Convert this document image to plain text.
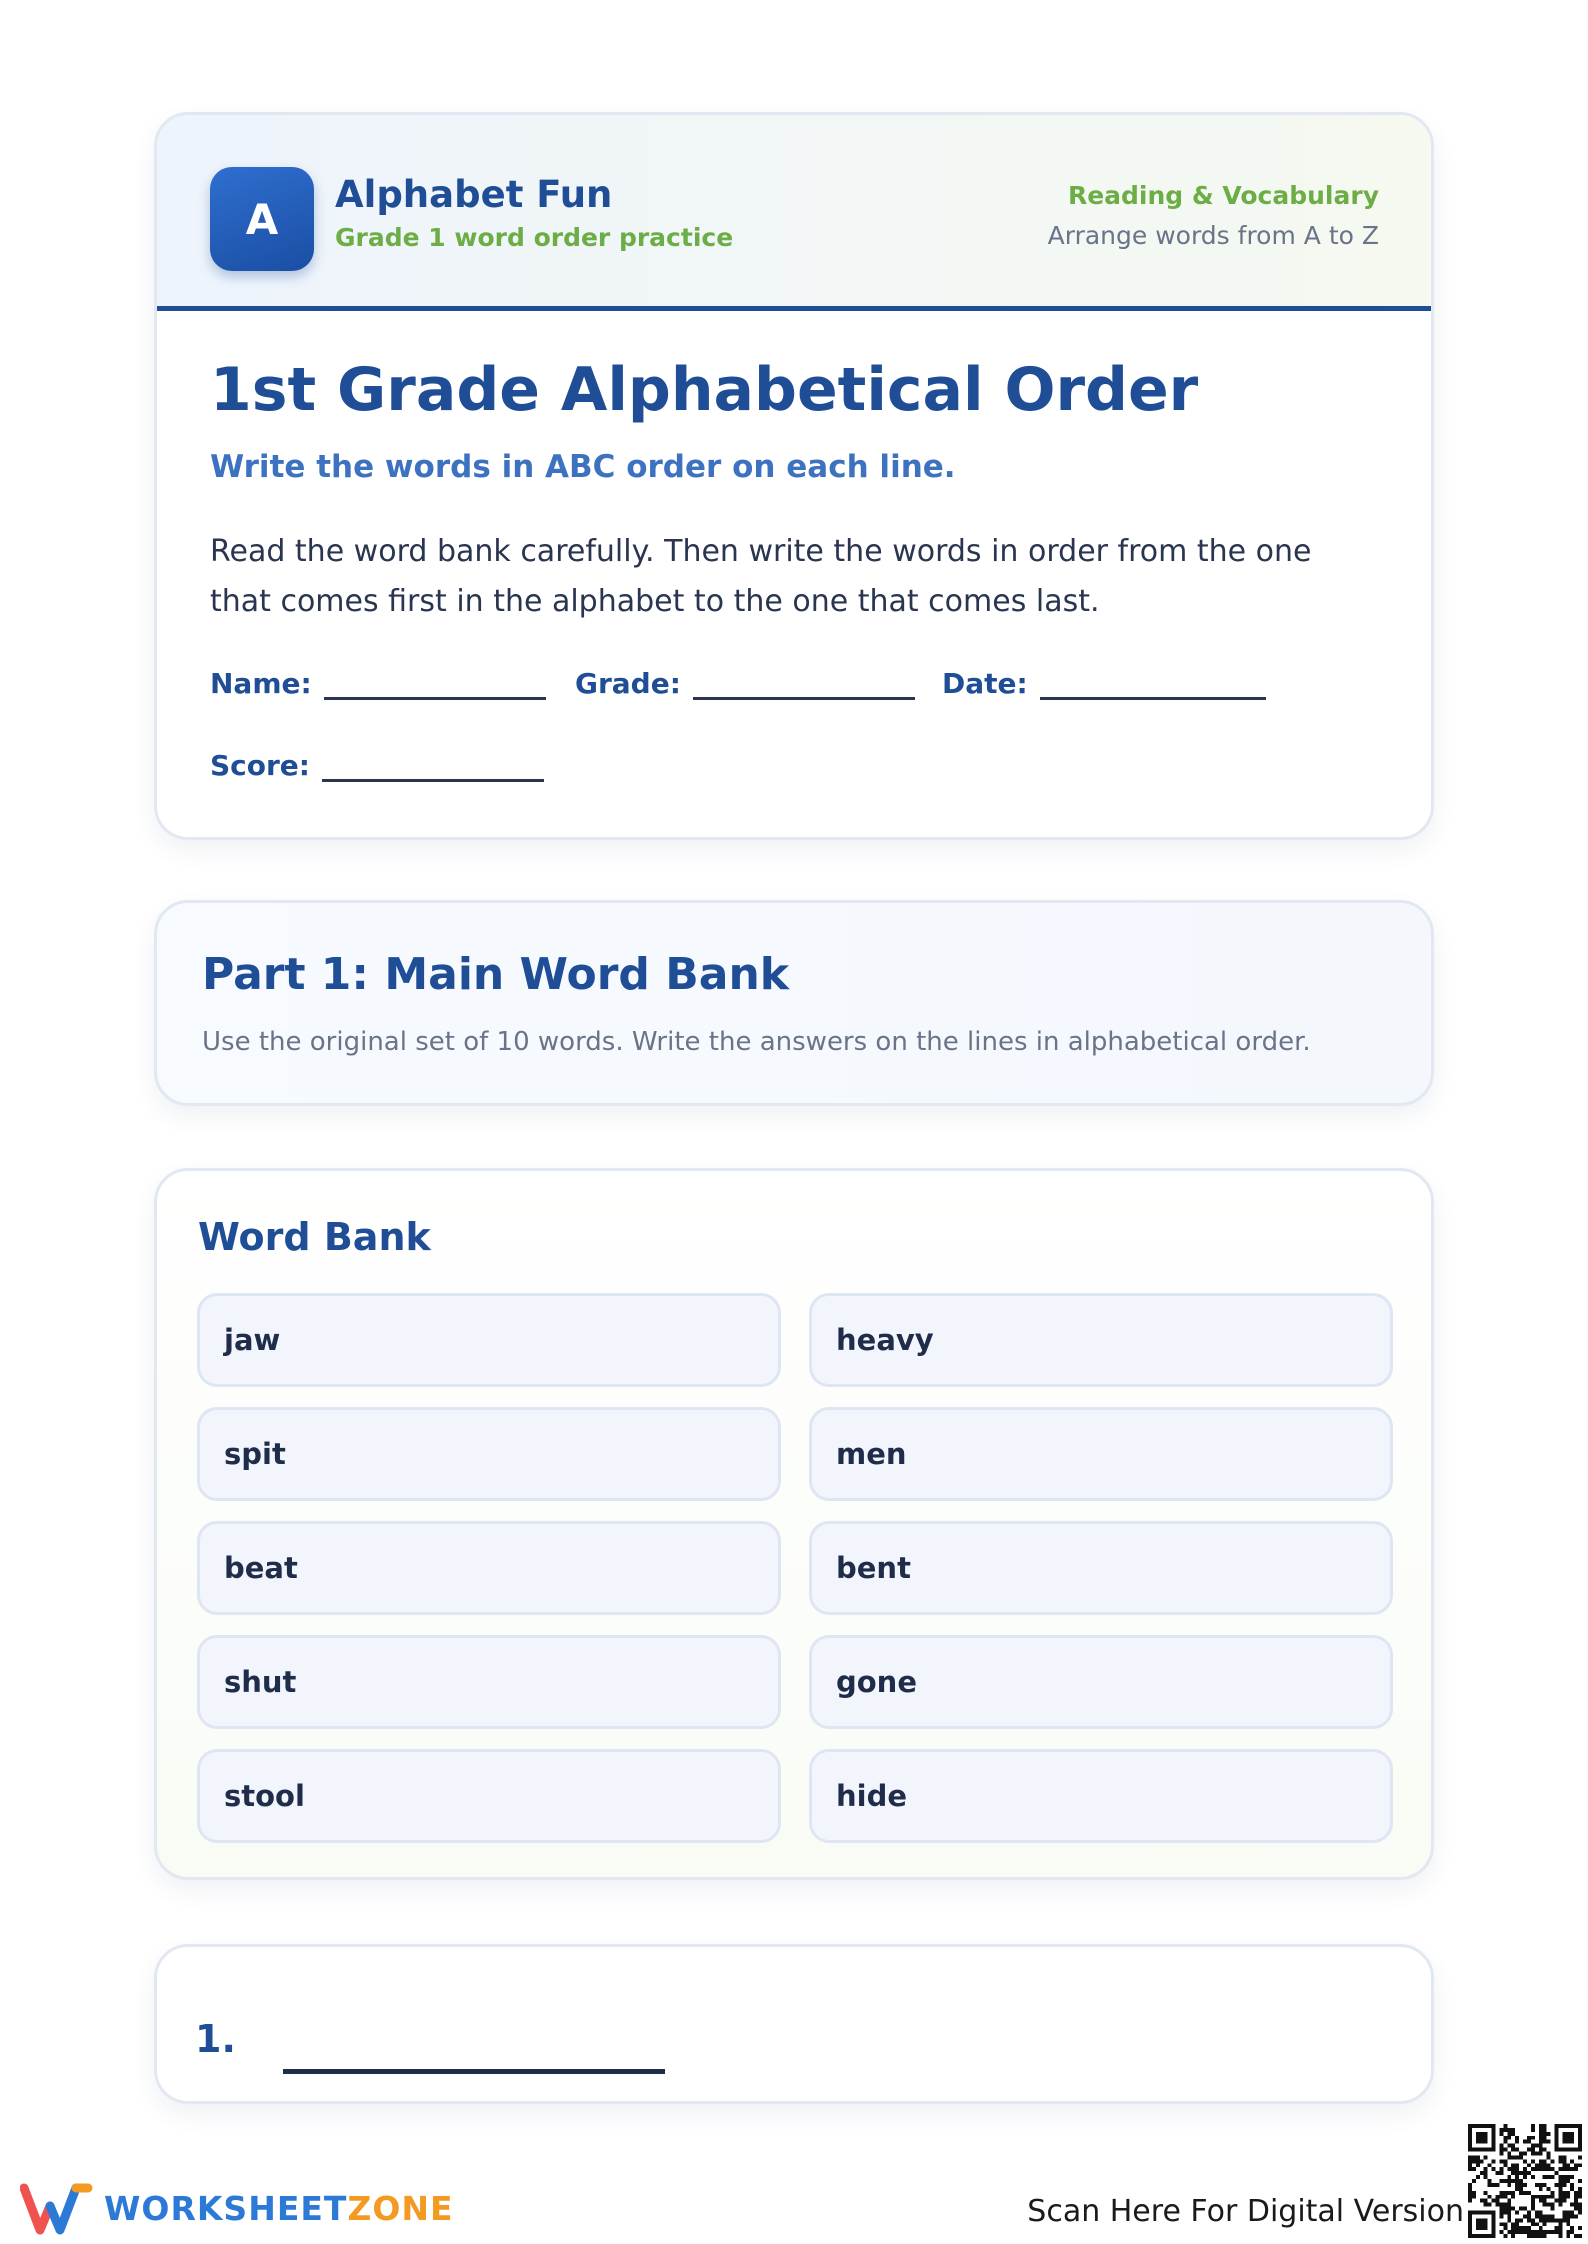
A	Alphabet Fun
Grade 1 word order practice
Reading & Vocabulary
Arrange words from A to Z
1st Grade Alphabetical Order
Write the words in ABC order on each line.
Read the word bank carefully. Then write the words in order from the one that comes first in the alphabet to the one that comes last.
Name:	Grade:	Date:
Score:
Part 1: Main Word Bank
Use the original set of 10 words. Write the answers on the lines in alphabetical order.
Word Bank
jaw	heavy
spit	men
beat	bent
shut	gone
stool	hide
1.
WORKSHEETZONE	Scan Here For Digital Version
